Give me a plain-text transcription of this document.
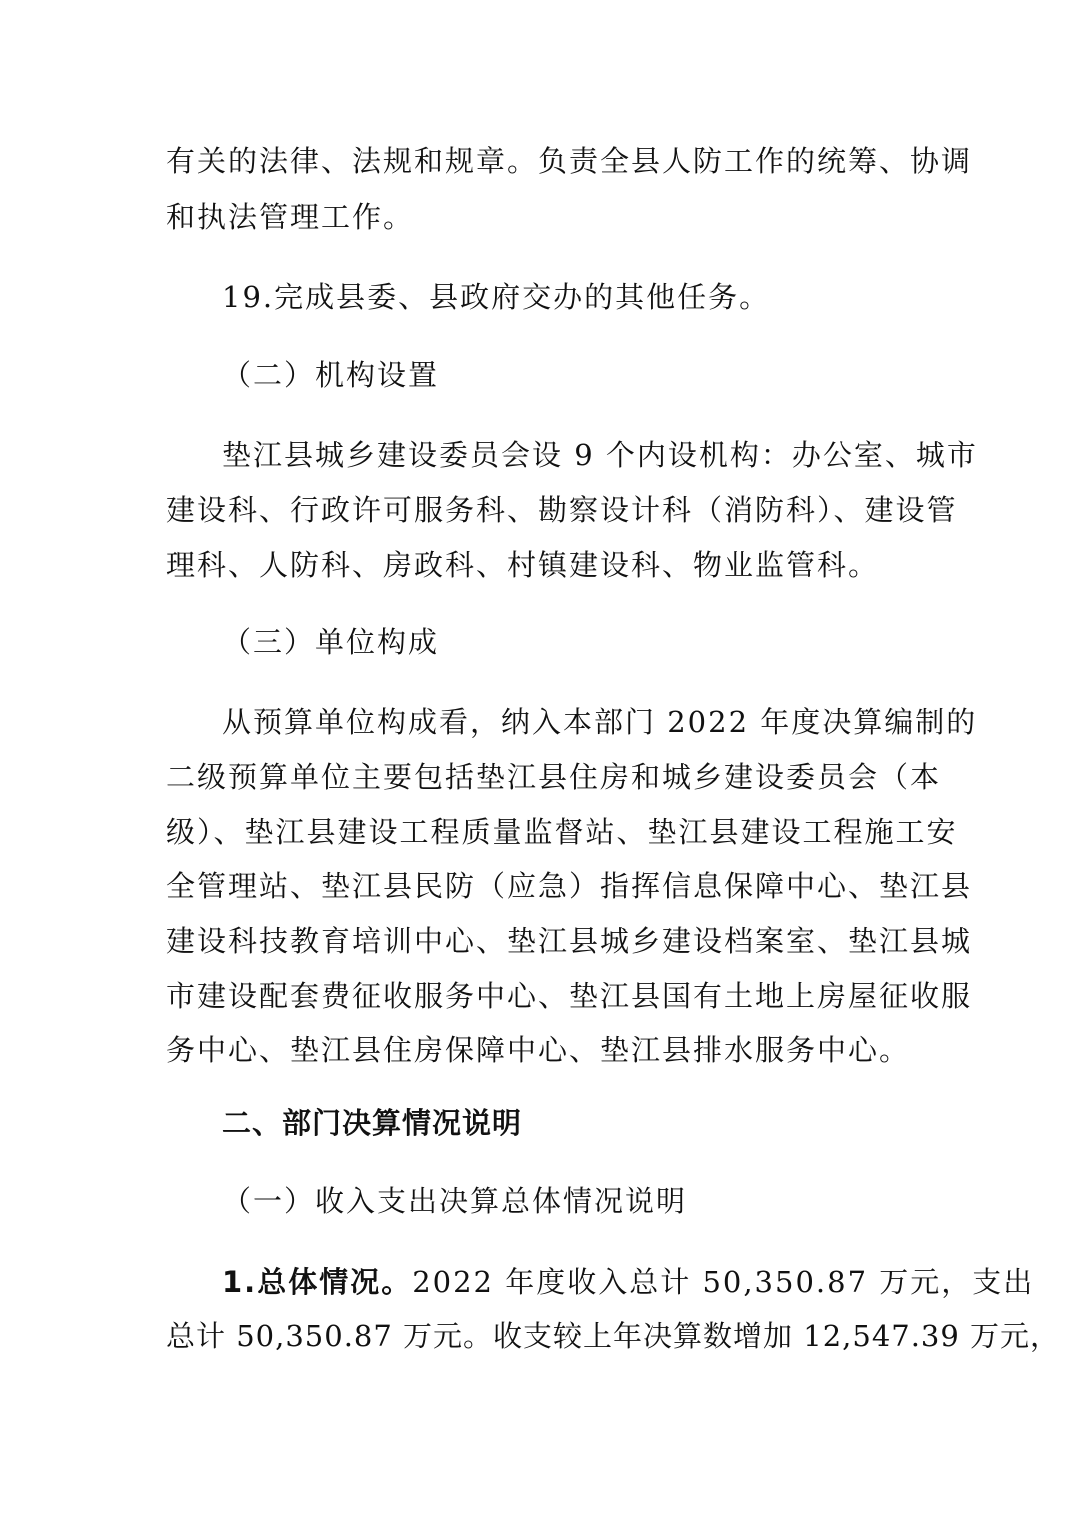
有关的法律、法规和规章。负责全县人防工作的统筹、协调
和执法管理工作。
19.完成县委、县政府交办的其他任务。
（二）机构设置
垫江县城乡建设委员会设 9 个内设机构：办公室、城市
建设科、行政许可服务科、勘察设计科（消防科）、建设管
理科、人防科、房政科、村镇建设科、物业监管科。
（三）单位构成
从预算单位构成看，纳入本部门 2022 年度决算编制的
二级预算单位主要包括垫江县住房和城乡建设委员会（本
级）、垫江县建设工程质量监督站、垫江县建设工程施工安
全管理站、垫江县民防（应急）指挥信息保障中心、垫江县
建设科技教育培训中心、垫江县城乡建设档案室、垫江县城
市建设配套费征收服务中心、垫江县国有土地上房屋征收服
务中心、垫江县住房保障中心、垫江县排水服务中心。
二、部门决算情况说明
（一）收入支出决算总体情况说明
1.总体情况。2022 年度收入总计 50,350.87 万元，支出
总计 50,350.87 万元。收支较上年决算数增加 12,547.39 万元，
